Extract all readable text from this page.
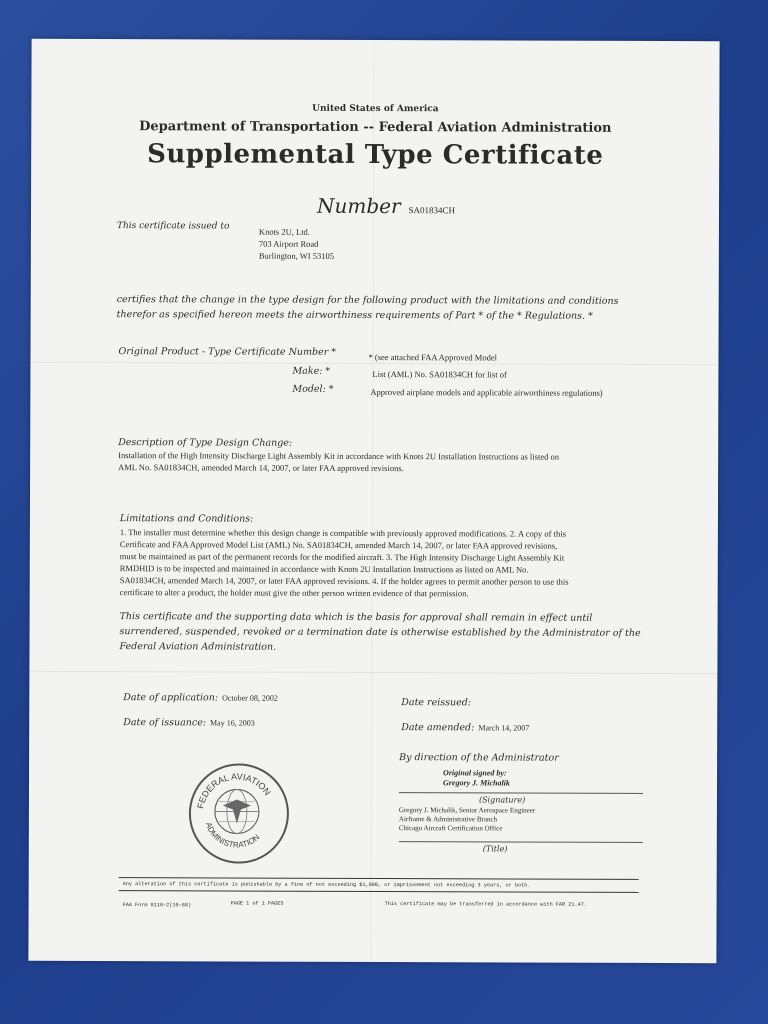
United States of America
Department of Transportation -- Federal Aviation Administration
Supplemental Type Certificate
Number SA01834CH
This certificate issued to
Knots 2U, Ltd.
703 Airport Road
Burlington, WI 53105
certifies that the change in the type design for the following product with the limitations and conditions
therefor as specified hereon meets the airworthiness requirements of Part * of the * Regulations. *
Original Product - Type Certificate Number *	* (see attached FAA Approved Model
Make: *	List (AML) No. SA01834CH for list of
Model: *	Approved airplane models and applicable airworthiness regulations)
Description of Type Design Change:
Installation of the High Intensity Discharge Light Assembly Kit in accordance with Knots 2U Installation Instructions as listed on
AML No. SA01834CH, amended March 14, 2007, or later FAA approved revisions.
Limitations and Conditions:
1. The installer must determine whether this design change is compatible with previously approved modifications. 2. A copy of this
Certificate and FAA Approved Model List (AML) No. SA01834CH, amended March 14, 2007, or later FAA approved revisions,
must be maintained as part of the permanent records for the modified aircraft. 3. The High Intensity Discharge Light Assembly Kit
RMDHID is to be inspected and maintained in accordance with Knots 2U Installation Instructions as listed on AML No.
SA01834CH, amended March 14, 2007, or later FAA approved revisions. 4. If the holder agrees to permit another person to use this
certificate to alter a product, the holder must give the other person written evidence of that permission.
This certificate and the supporting data which is the basis for approval shall remain in effect until
surrendered, suspended, revoked or a termination date is otherwise established by the Administrator of the
Federal Aviation Administration.
Date of application: October 08, 2002
Date of issuance: May 16, 2003
Date reissued:
Date amended: March 14, 2007
By direction of the Administrator
Original signed by:
Gregory J. Michalik
(Signature)
Gregory J. Michalik, Senior Aerospace Engineer
Airframe & Administrative Branch
Chicago Aircraft Certification Office
(Title)
FEDERAL AVIATION
ADMINISTRATION
Any alteration of this certificate is punishable by a fine of not exceeding $1,000, or imprisonment not exceeding 3 years, or both.
FAA Form 8110-2(10-68)	PAGE 1 of 1 PAGES	This certificate may be transferred in accordance with FAR 21.47.
